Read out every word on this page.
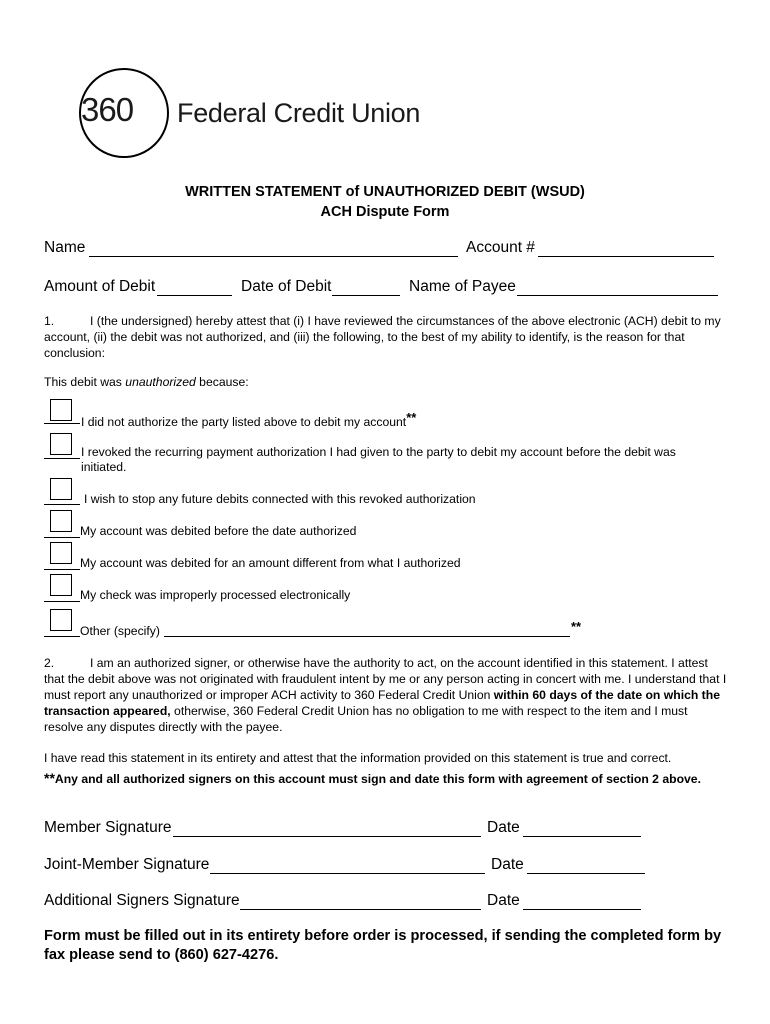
360 Federal Credit Union
WRITTEN STATEMENT of UNAUTHORIZED DEBIT (WSUD)
ACH Dispute Form
Name	Account #
Amount of Debit	Date of Debit	Name of Payee
1.	I (the undersigned) hereby attest that (i) I have reviewed the circumstances of the above electronic (ACH) debit to my account, (ii) the debit was not authorized, and (iii) the following, to the best of my ability to identify, is the reason for that conclusion:
This debit was unauthorized because:
I did not authorize the party listed above to debit my account**
I revoked the recurring payment authorization I had given to the party to debit my account before the debit was
initiated.
I wish to stop any future debits connected with this revoked authorization
My account was debited before the date authorized
My account was debited for an amount different from what I authorized
My check was improperly processed electronically
Other (specify)	**
2.	I am an authorized signer, or otherwise have the authority to act, on the account identified in this statement. I attest that the debit above was not originated with fraudulent intent by me or any person acting in concert with me. I understand that I must report any unauthorized or improper ACH activity to 360 Federal Credit Union within 60 days of the date on which the transaction appeared, otherwise, 360 Federal Credit Union has no obligation to me with respect to the item and I must resolve any disputes directly with the payee.
I have read this statement in its entirety and attest that the information provided on this statement is true and correct.
**Any and all authorized signers on this account must sign and date this form with agreement of section 2 above.
Member Signature	Date
Joint-Member Signature	Date
Additional Signers Signature	Date
Form must be filled out in its entirety before order is processed, if sending the completed form by fax please send to (860) 627-4276.
